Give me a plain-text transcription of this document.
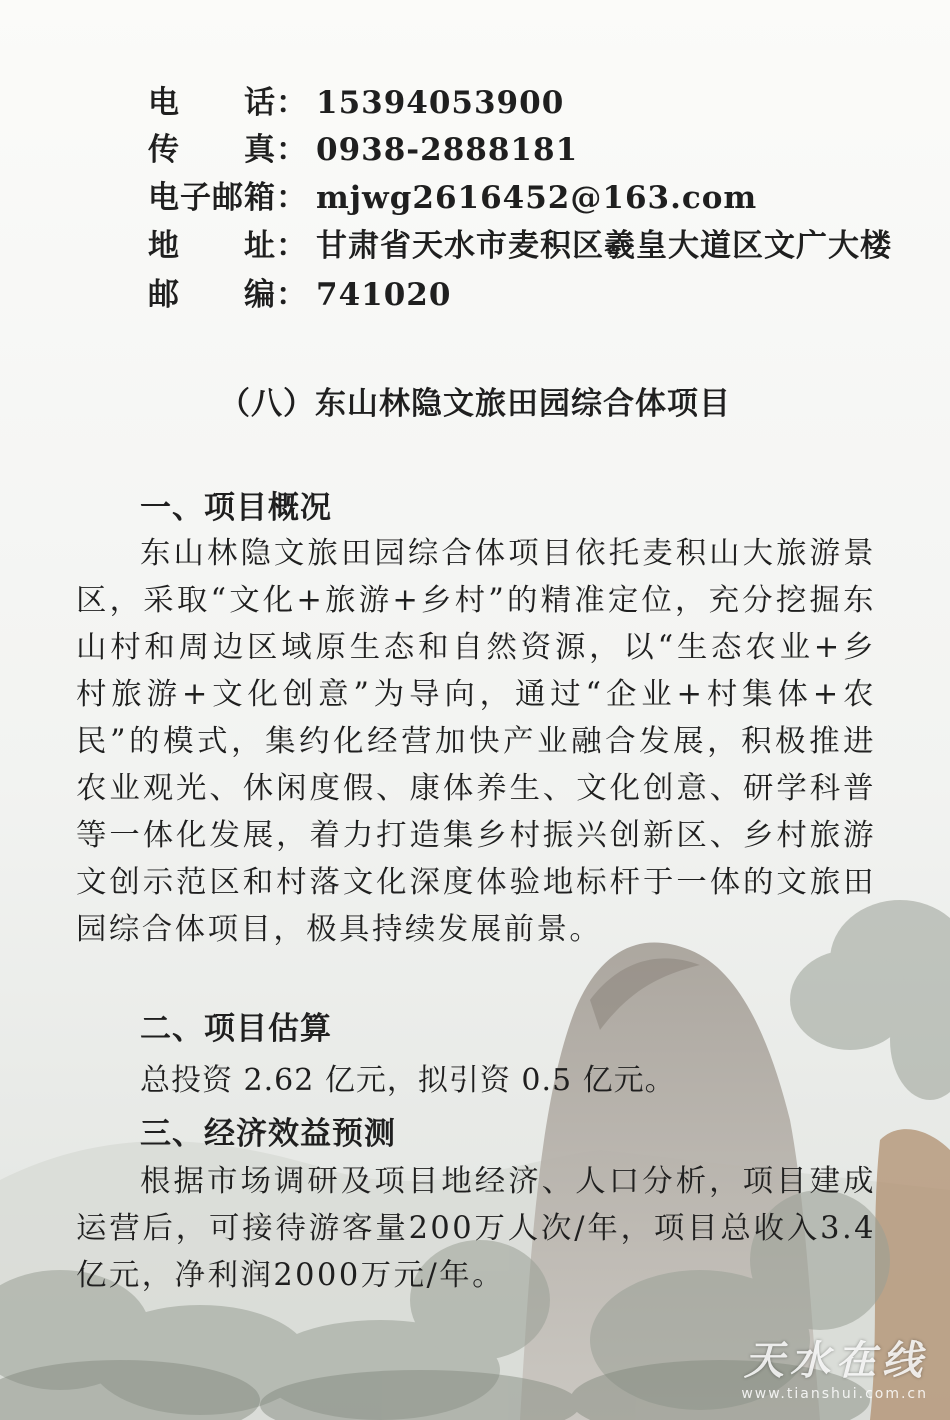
电　　话： 15394053900
传　　真： 0938-2888181
电子邮箱： mjwg2616452@163.com
地　　址： 甘肃省天水市麦积区羲皇大道区文广大楼
邮　　编： 741020
（八）东山林隐文旅田园综合体项目
一、项目概况

东山林隐文旅田园综合体项目依托麦积山大旅游景区，采取“文化+旅游+乡村”的精准定位，充分挖掘东山村和周边区域原生态和自然资源，以“生态农业+乡村旅游+文化创意”为导向，通过“企业+村集体+农民”的模式，集约化经营加快产业融合发展，积极推进农业观光、休闲度假、康体养生、文化创意、研学科普等一体化发展，着力打造集乡村振兴创新区、乡村旅游文创示范区和村落文化深度体验地标杆于一体的文旅田园综合体项目，极具持续发展前景。

二、项目估算
总投资 2.62 亿元，拟引资 0.5 亿元。
三、经济效益预测

根据市场调研及项目地经济、人口分析，项目建成运营后，可接待游客量200万人次/年，项目总收入3.4亿元，净利润2000万元/年。

天水在线
www.tianshui.com.cn
